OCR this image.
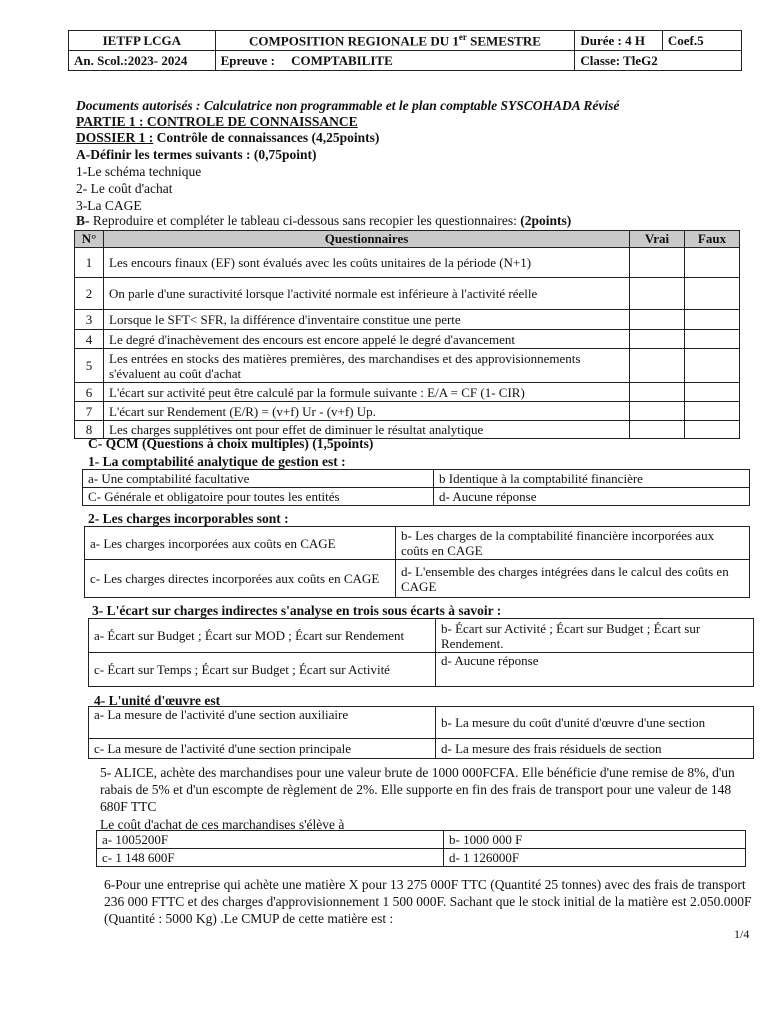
IETFP LCGA	COMPOSITION REGIONALE DU 1er SEMESTRE	Durée : 4 H	Coef.5
An. Scol.:2023- 2024	Epreuve : COMPTABILITE	Classe: TleG2	
Documents autorisés : Calculatrice non programmable et le plan comptable SYSCOHADA Révisé
PARTIE 1 : CONTROLE DE CONNAISSANCE
DOSSIER 1 : Contrôle de connaissances (4,25points)
A-Définir les termes suivants : (0,75point)
1-Le schéma technique
2- Le coût d'achat
3-La CAGE
B- Reproduire et compléter le tableau ci-dessous sans recopier les questionnaires: (2points)
N°	Questionnaires	Vrai	Faux
1	Les encours finaux (EF) sont évalués avec les coûts unitaires de la période (N+1)		
2	On parle d'une suractivité lorsque l'activité normale est inférieure à l'activité réelle		
3	Lorsque le SFT< SFR, la différence d'inventaire constitue une perte		
4	Le degré d'inachèvement des encours est encore appelé le degré d'avancement		
5	Les entrées en stocks des matières premières, des marchandises et des approvisionnements s'évaluent au coût d'achat		
6	L'écart sur activité peut être calculé par la formule suivante : E/A = CF (1- CIR)		
7	L'écart sur Rendement (E/R) = (v+f) Ur - (v+f) Up.		
8	Les charges supplétives ont pour effet de diminuer le résultat analytique		
C- QCM (Questions à choix multiples) (1,5points)
1- La comptabilité analytique de gestion est :
a- Une comptabilité facultative	b Identique à la comptabilité financière
C- Générale et obligatoire pour toutes les entités	d- Aucune réponse
2- Les charges incorporables sont :
a- Les charges incorporées aux coûts en CAGE	b- Les charges de la comptabilité financière incorporées aux coûts en CAGE
c- Les charges directes incorporées aux coûts en CAGE	d- L'ensemble des charges intégrées dans le calcul des coûts en CAGE
3- L'écart sur charges indirectes s'analyse en trois sous écarts à savoir :
a- Écart sur Budget ; Écart sur MOD ; Écart sur Rendement	b- Écart sur Activité ; Écart sur Budget ; Écart sur Rendement.
c- Écart sur Temps ; Écart sur Budget ; Écart sur Activité	d- Aucune réponse
4- L'unité d'œuvre est
a- La mesure de l'activité d'une section auxiliaire	b- La mesure du coût d'unité d'œuvre d'une section
c- La mesure de l'activité d'une section principale	d- La mesure des frais résiduels de section
5- ALICE, achète des marchandises pour une valeur brute de 1000 000FCFA. Elle bénéficie d'une remise de 8%, d'un rabais de 5% et d'un escompte de règlement de 2%. Elle supporte en fin des frais de transport pour une valeur de 148 680F TTC
Le coût d'achat de ces marchandises s'élève à
a- 1005200F	b- 1000 000 F
c- 1 148 600F	d- 1 126000F
6-Pour une entreprise qui achète une matière X pour 13 275 000F TTC (Quantité 25 tonnes) avec des frais de transport 236 000 FTTC et des charges d'approvisionnement 1 500 000F. Sachant que le stock initial de la matière est 2.050.000F (Quantité : 5000 Kg) .Le CMUP de cette matière est :
1/4
